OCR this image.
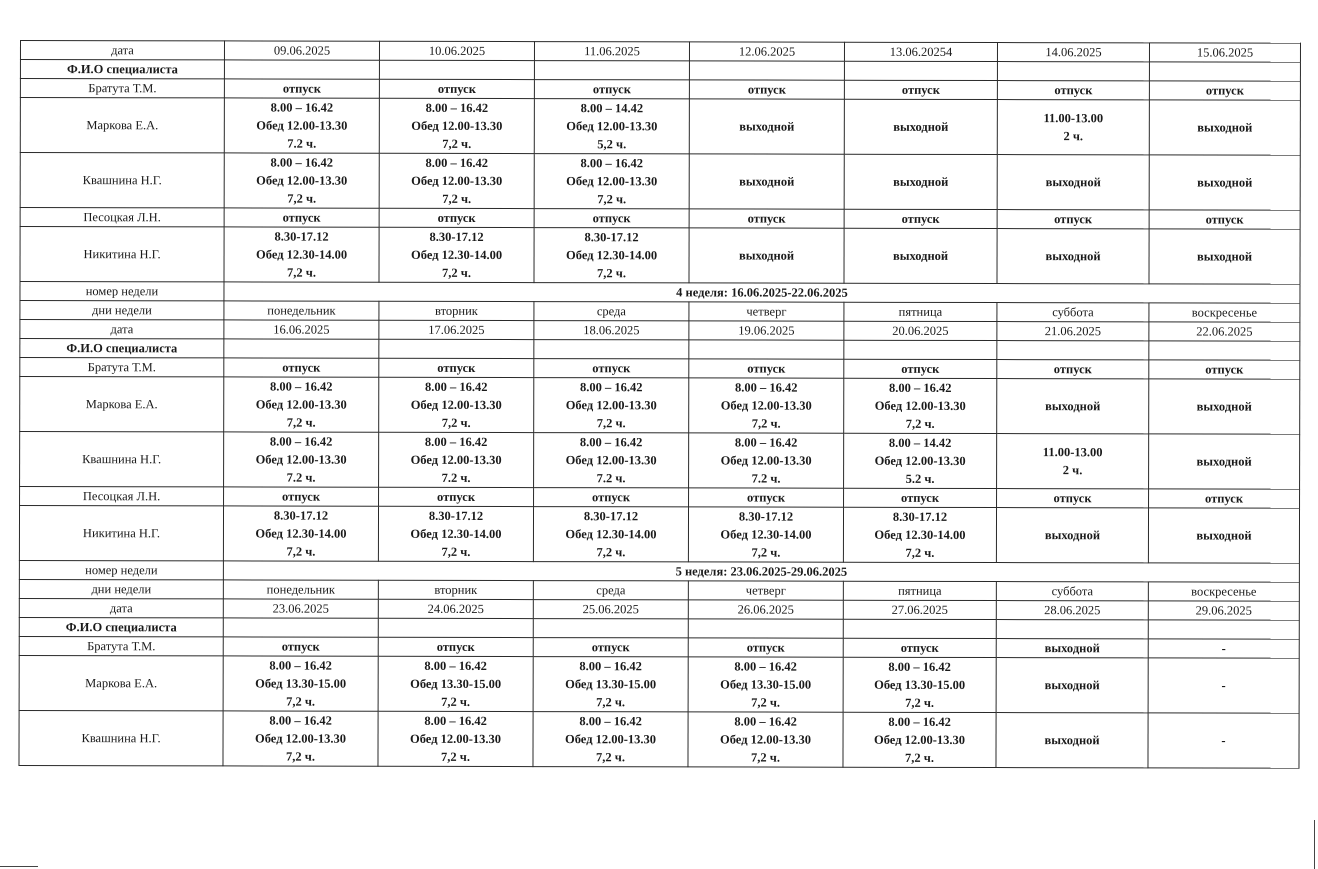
дата	09.06.2025	10.06.2025	11.06.2025	12.06.2025	13.06.20254	14.06.2025	15.06.2025
Ф.И.О специалиста							
Братута Т.М.	отпуск	отпуск	отпуск	отпуск	отпуск	отпуск	отпуск

Маркова Е.А.	8.00 – 16.42
Обед 12.00-13.30
7.2 ч.	8.00 – 16.42
Обед 12.00-13.30
7,2 ч.	8.00 – 14.42
Обед 12.00-13.30
5,2 ч.	выходной	выходной	11.00-13.00
2 ч.	выходной

Квашнина Н.Г.	8.00 – 16.42
Обед 12.00-13.30
7,2 ч.	8.00 – 16.42
Обед 12.00-13.30
7,2 ч.	8.00 – 16.42
Обед 12.00-13.30
7,2 ч.	выходной	выходной	выходной	выходной

Песоцкая Л.Н.	отпуск	отпуск	отпуск	отпуск	отпуск	отпуск	отпуск

Никитина Н.Г.	8.30-17.12
Обед 12.30-14.00
7,2 ч.	8.30-17.12
Обед 12.30-14.00
7,2 ч.	8.30-17.12
Обед 12.30-14.00
7,2 ч.	выходной	выходной	выходной	выходной

номер недели	4 неделя: 16.06.2025-22.06.2025						
дни недели	понедельник	вторник	среда	четверг	пятница	суббота	воскресенье
дата	16.06.2025	17.06.2025	18.06.2025	19.06.2025	20.06.2025	21.06.2025	22.06.2025
Ф.И.О специалиста							
Братута Т.М.	отпуск	отпуск	отпуск	отпуск	отпуск	отпуск	отпуск

Маркова Е.А.	8.00 – 16.42
Обед 12.00-13.30
7,2 ч.	8.00 – 16.42
Обед 12.00-13.30
7,2 ч.	8.00 – 16.42
Обед 12.00-13.30
7,2 ч.	8.00 – 16.42
Обед 12.00-13.30
7,2 ч.	8.00 – 16.42
Обед 12.00-13.30
7,2 ч.	выходной	выходной

Квашнина Н.Г.	8.00 – 16.42
Обед 12.00-13.30
7.2 ч.	8.00 – 16.42
Обед 12.00-13.30
7.2 ч.	8.00 – 16.42
Обед 12.00-13.30
7.2 ч.	8.00 – 16.42
Обед 12.00-13.30
7.2 ч.	8.00 – 14.42
Обед 12.00-13.30
5.2 ч.	11.00-13.00
2 ч.	выходной

Песоцкая Л.Н.	отпуск	отпуск	отпуск	отпуск	отпуск	отпуск	отпуск

Никитина Н.Г.	8.30-17.12
Обед 12.30-14.00
7,2 ч.	8.30-17.12
Обед 12.30-14.00
7,2 ч.	8.30-17.12
Обед 12.30-14.00
7,2 ч.	8.30-17.12
Обед 12.30-14.00
7,2 ч.	8.30-17.12
Обед 12.30-14.00
7,2 ч.	выходной	выходной

номер недели	5 неделя: 23.06.2025-29.06.2025						
дни недели	понедельник	вторник	среда	четверг	пятница	суббота	воскресенье
дата	23.06.2025	24.06.2025	25.06.2025	26.06.2025	27.06.2025	28.06.2025	29.06.2025
Ф.И.О специалиста							
Братута Т.М.	отпуск	отпуск	отпуск	отпуск	отпуск	выходной	-

Маркова Е.А.	8.00 – 16.42
Обед 13.30-15.00
7,2 ч.	8.00 – 16.42
Обед 13.30-15.00
7,2 ч.	8.00 – 16.42
Обед 13.30-15.00
7,2 ч.	8.00 – 16.42
Обед 13.30-15.00
7,2 ч.	8.00 – 16.42
Обед 13.30-15.00
7,2 ч.	выходной	-

Квашнина Н.Г.	8.00 – 16.42
Обед 12.00-13.30
7,2 ч.	8.00 – 16.42
Обед 12.00-13.30
7,2 ч.	8.00 – 16.42
Обед 12.00-13.30
7,2 ч.	8.00 – 16.42
Обед 12.00-13.30
7,2 ч.	8.00 – 16.42
Обед 12.00-13.30
7,2 ч.	выходной	-
